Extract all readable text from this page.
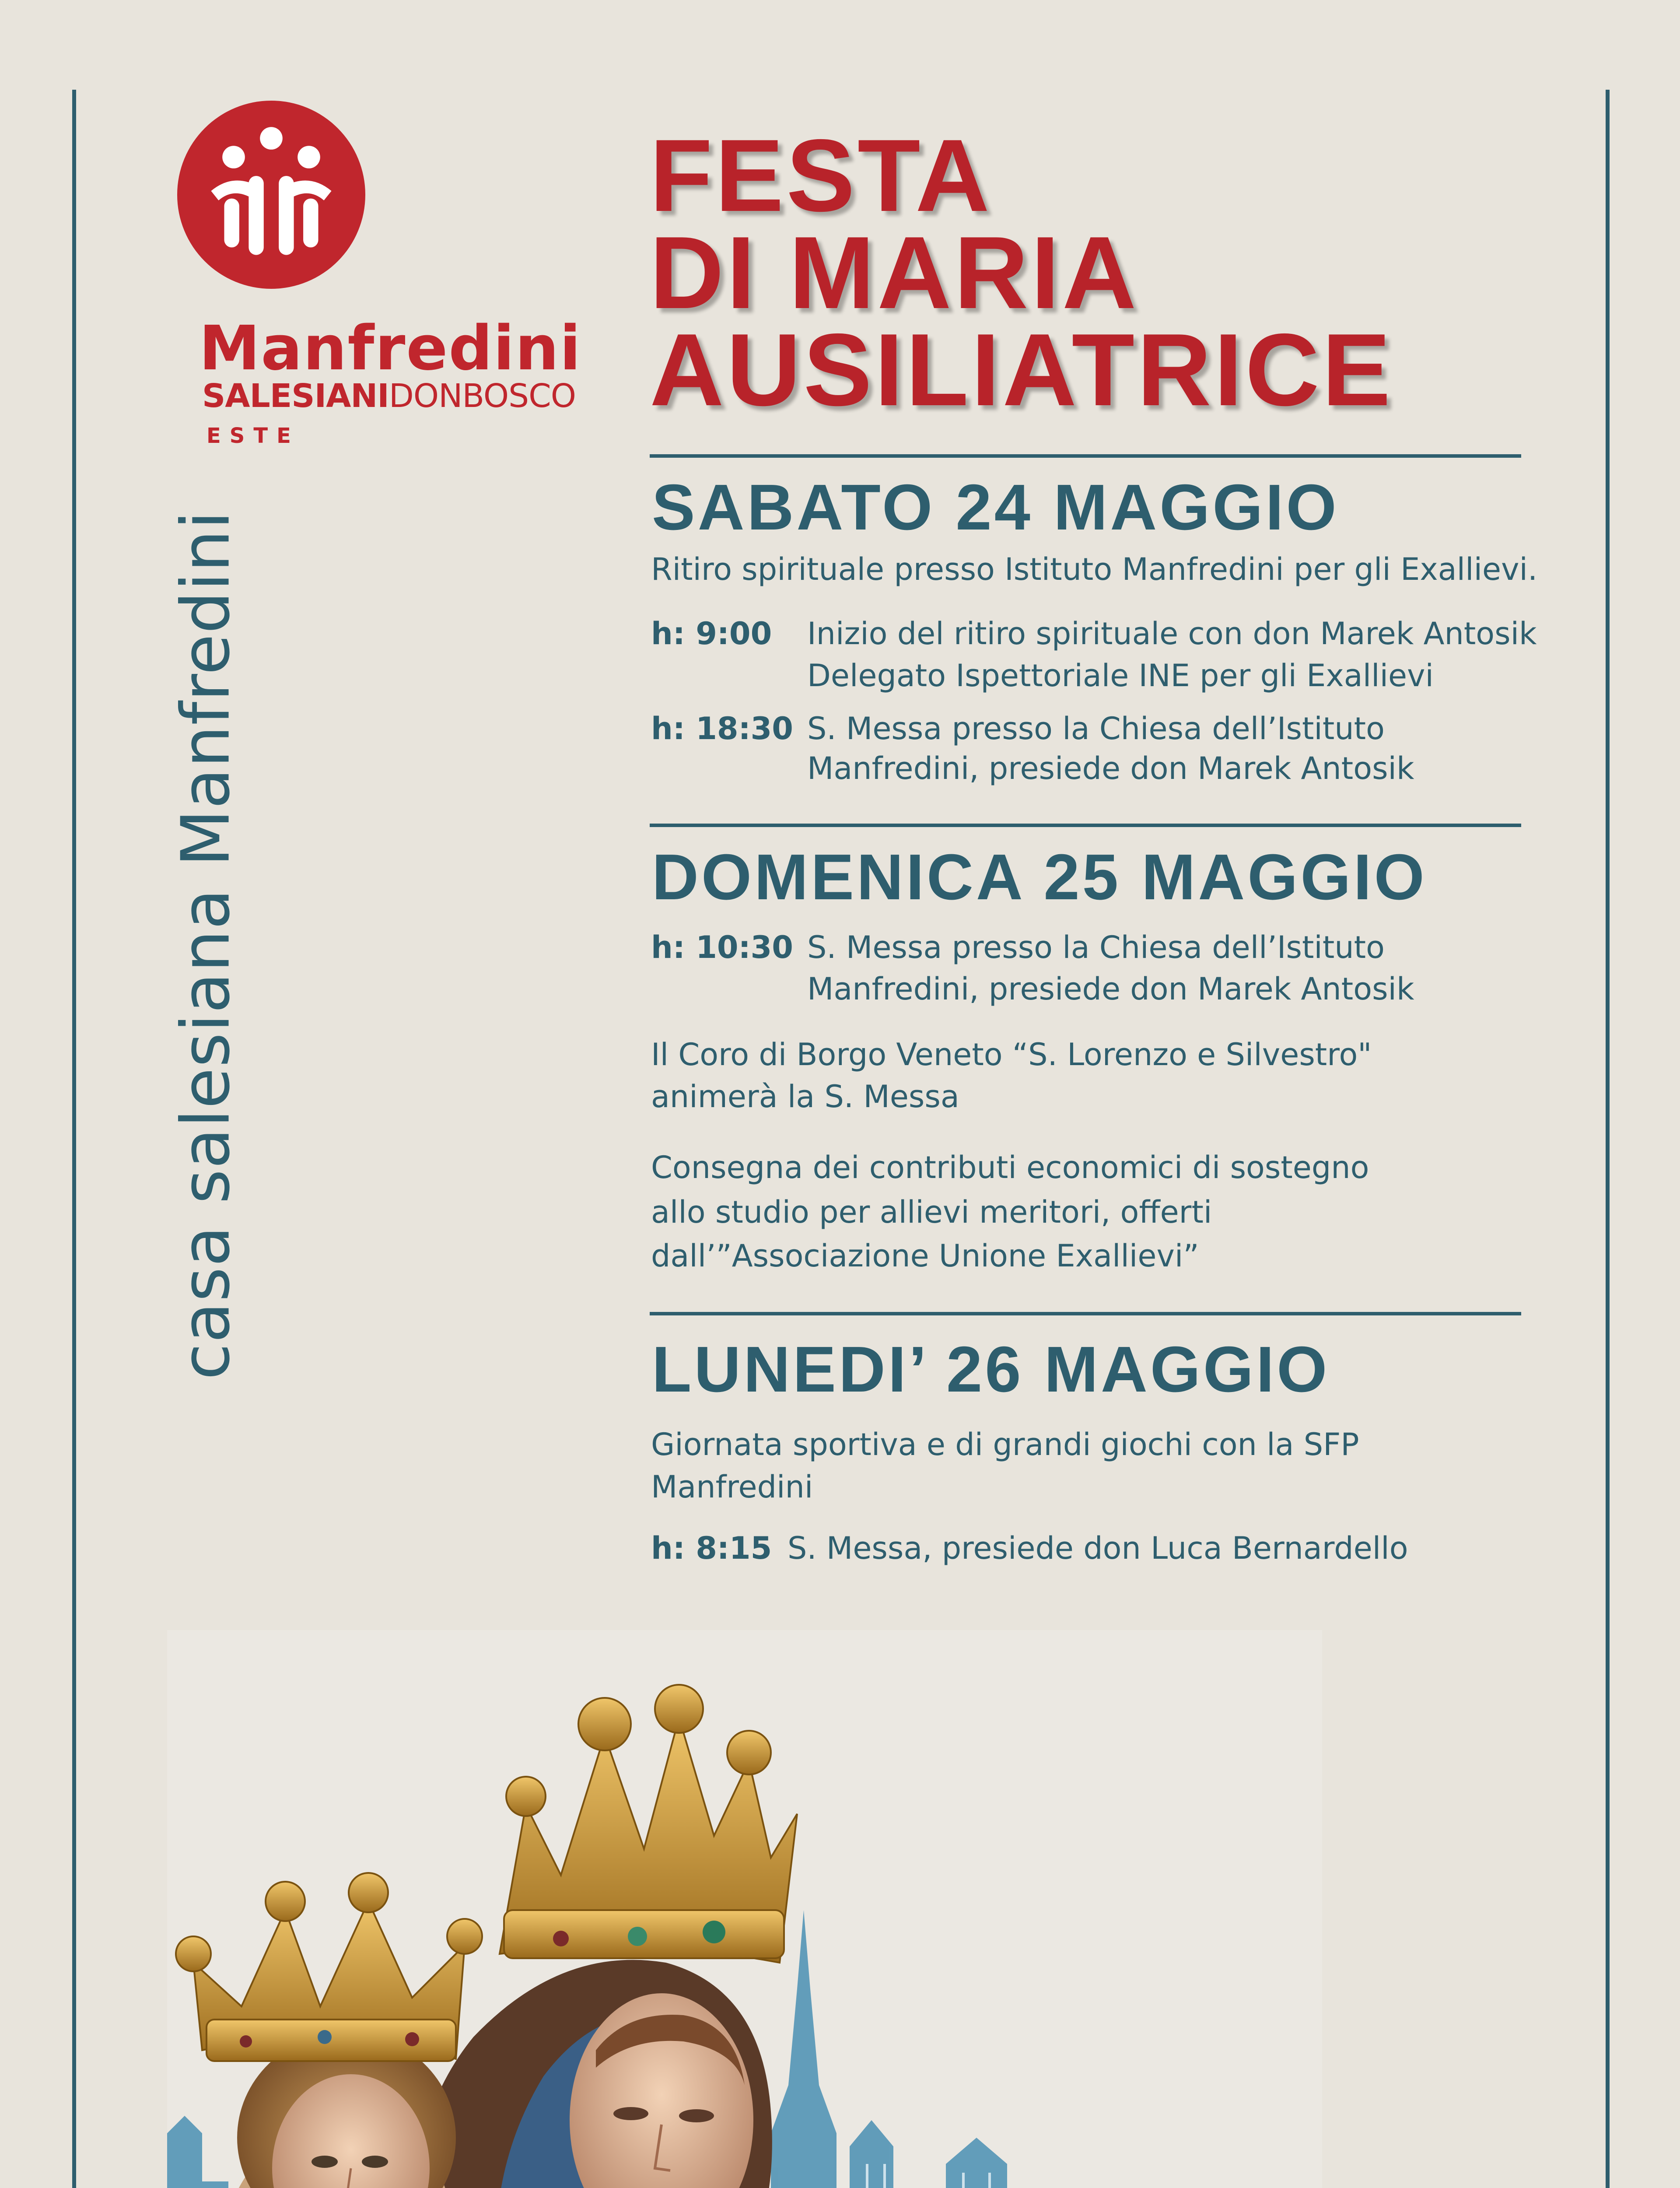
Manfredini
SALESIANIDONBOSCO
ESTE
casa salesiana Manfredini
FESTA
DI MARIA
AUSILIATRICE
SABATO 24 MAGGIO
Ritiro spirituale presso Istituto Manfredini per gli Exallievi.
h: 9:00 Inizio del ritiro spirituale con don Marek Antosik
Delegato Ispettoriale INE per gli Exallievi
h: 18:30 S. Messa presso la Chiesa dell’Istituto
Manfredini, presiede don Marek Antosik
DOMENICA 25 MAGGIO
h: 10:30 S. Messa presso la Chiesa dell’Istituto
Manfredini, presiede don Marek Antosik
Il Coro di Borgo Veneto “S. Lorenzo e Silvestro"
animerà la S. Messa
Consegna dei contributi economici di sostegno
allo studio per allievi meritori, offerti
dall’”Associazione Unione Exallievi”
LUNEDI’ 26 MAGGIO
Giornata sportiva e di grandi giochi con la SFP
Manfredini
h: 8:15 S. Messa, presiede don Luca Bernardello
